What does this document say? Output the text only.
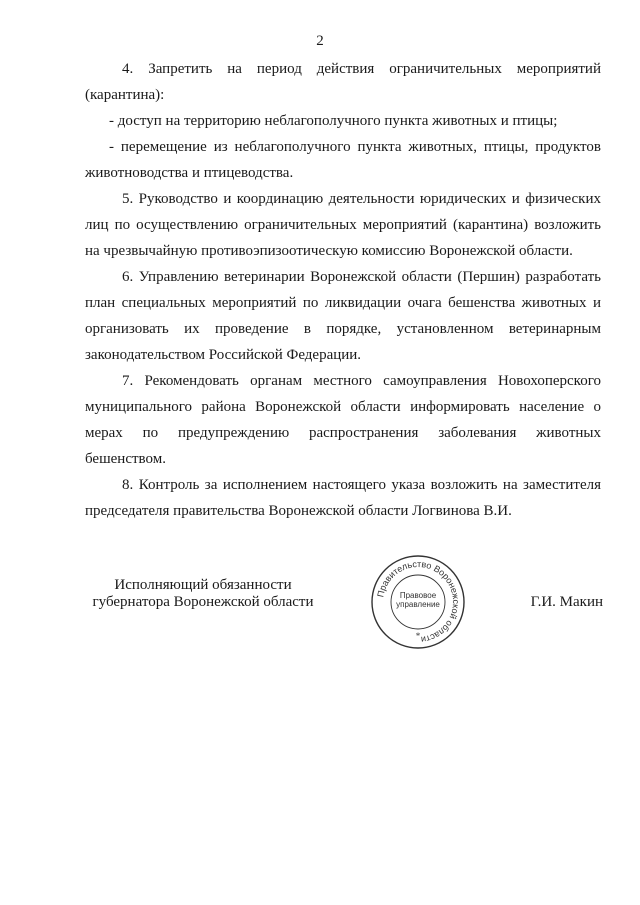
2

4. Запретить на период действия ограничительных мероприятий (карантина):

- доступ на территорию неблагополучного пункта животных и птицы;

- перемещение из неблагополучного пункта животных, птицы, продуктов животноводства и птицеводства.

5. Руководство и координацию деятельности юридических и физических лиц по осуществлению ограничительных мероприятий (карантина) возложить на чрезвычайную противоэпизоотическую комиссию Воронежской области.

6. Управлению ветеринарии Воронежской области (Першин) разработать план специальных мероприятий по ликвидации очага бешенства животных и организовать их проведение в порядке, установленном ветеринарным законодательством Российской Федерации.

7. Рекомендовать органам местного самоуправления Новохоперского муниципального района Воронежской области информировать население о мерах по предупреждению распространения заболевания животных бешенством.

8. Контроль за исполнением настоящего указа возложить на заместителя председателя правительства Воронежской области Логвинова В.И.

Исполняющий обязанности
губернатора Воронежской области
Правительство Воронежской области
Правовое
управление
*
Г.И. Макин
